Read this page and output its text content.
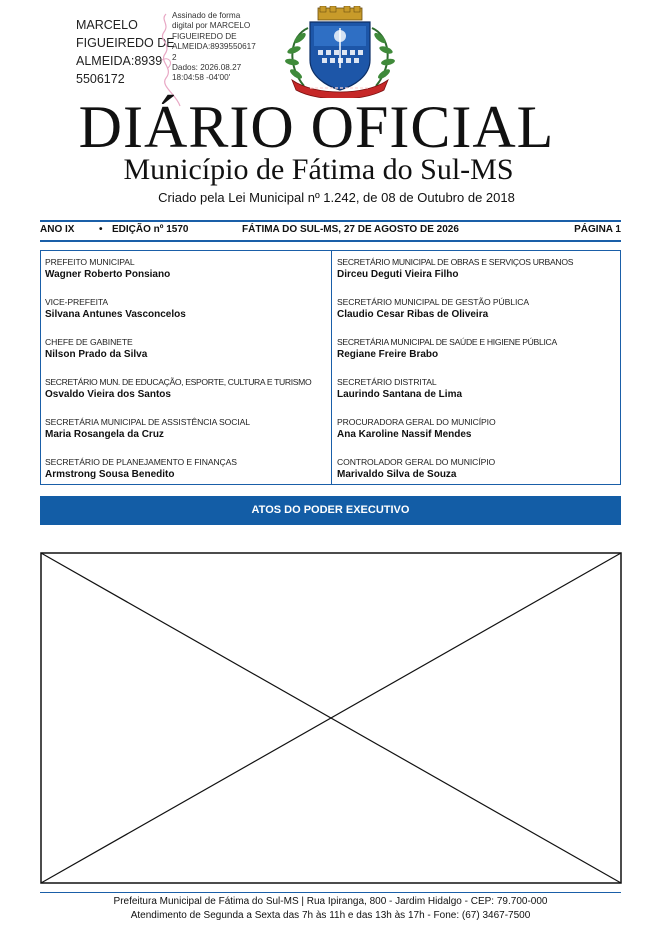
MARCELO
FIGUEIREDO DE
ALMEIDA:8939
5506172
Assinado de forma
digital por MARCELO
FIGUEIREDO DE
ALMEIDA:8939550617
2
Dados: 2026.08.27
18:04:58 -04'00'
DIÁRIO OFICIAL
Município de Fátima do Sul-MS
Criado pela Lei Municipal nº 1.242, de 08 de Outubro de 2018
ANO IX • EDIÇÃO nº 1570	FÁTIMA DO SUL-MS, 27 DE AGOSTO DE 2026	PÁGINA 1
PREFEITO MUNICIPAL
Wagner Roberto Ponsiano
VICE-PREFEITA
Silvana Antunes Vasconcelos
CHEFE DE GABINETE
Nilson Prado da Silva
SECRETÁRIO MUN. DE EDUCAÇÃO, ESPORTE, CULTURA E TURISMO
Osvaldo Vieira dos Santos
SECRETÁRIA MUNICIPAL DE ASSISTÊNCIA SOCIAL
Maria Rosangela da Cruz
SECRETÁRIO DE PLANEJAMENTO E FINANÇAS
Armstrong Sousa Benedito
SECRETÁRIO MUNICIPAL DE OBRAS E SERVIÇOS URBANOS
Dirceu Deguti Vieira Filho
SECRETÁRIO MUNICIPAL DE GESTÃO PÚBLICA
Claudio Cesar Ribas de Oliveira
SECRETÁRIA MUNICIPAL DE SAÚDE E HIGIENE PÚBLICA
Regiane Freire Brabo
SECRETÁRIO DISTRITAL
Laurindo Santana de Lima
PROCURADORA GERAL DO MUNICÍPIO
Ana Karoline Nassif Mendes
CONTROLADOR GERAL DO MUNICÍPIO
Marivaldo Silva de Souza
ATOS DO PODER EXECUTIVO
Prefeitura Municipal de Fátima do Sul-MS | Rua Ipiranga, 800 - Jardim Hidalgo - CEP: 79.700-000
Atendimento de Segunda a Sexta das 7h às 11h e das 13h às 17h - Fone: (67) 3467-7500
